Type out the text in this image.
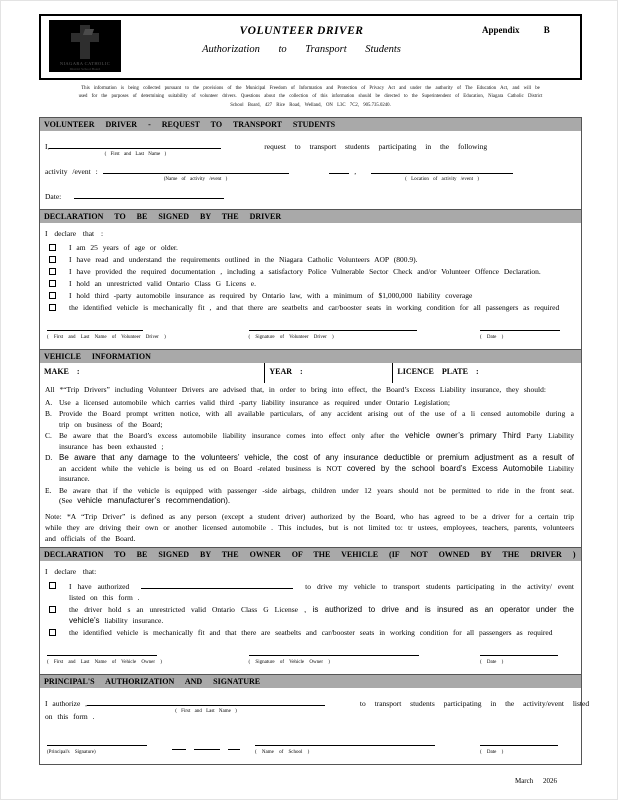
NIAGARA CATHOLIC
District School Board
VOLUNTEER DRIVER
Authorization to Transport Students
Appendix B
This information is being collected pursuant to the provisions of the Municipal Freedom of Information and Protection of Privacy Act and under the authority of The Education Act, and will be used for the purposes of determining suitability of volunteer drivers. Questions about the collection of this information should be directed to the Superintendent of Education, Niagara Catholic District School Board, 427 Rice Road, Welland, ON L3C 7C2, 905.735.0240.
VOLUNTEER DRIVER - REQUEST TO TRANSPORT STUDENTS
I,
( First and Last Name )
request to transport students participating in the following
activity /event :
(Name of activity /event )
,
( Location of activity /event )
Date:
DECLARATION TO BE SIGNED BY THE DRIVER
I declare that :
I am 25 years of age or older.
I have read and understand the requirements outlined in the Niagara Catholic Volunteers AOP (800.9).
I have provided the required documentation , including a satisfactory Police Vulnerable Sector Check and/or Volunteer Offence Declaration.
I hold an unrestricted valid Ontario Class G Licens e.
I hold third -party automobile insurance as required by Ontario law, with a minimum of $1,000,000 liability coverage
the identified vehicle is mechanically fit , and that there are seatbelts and car/booster seats in working condition for all passengers as required
( First and Last Name of Volunteer Driver )	( Signature of Volunteer Driver )	( Date )
VEHICLE INFORMATION
MAKE :	YEAR :	LICENCE PLATE :
All *“Trip Drivers” including Volunteer Drivers are advised that, in order to bring into effect, the Board’s Excess Liability insurance, they should:
A. Use a licensed automobile which carries valid third -party liability insurance as required under Ontario Legislation;
B. Provide the Board prompt written notice, with all available particulars, of any accident arising out of the use of a li censed automobile during a trip on business of the Board;
C. Be aware that the Board’s excess automobile liability insurance comes into effect only after the vehicle owner’s primary Third Party Liability insurance has been exhausted ;
D. Be aware that any damage to the volunteers’ vehicle, the cost of any insurance deductible or premium adjustment as a result of an accident while the vehicle is being us ed on Board -related business is NOT covered by the school board’s Excess Automobile Liability insurance.
E.	Be aware that if the vehicle is equipped with passenger -side airbags, children under 12 years should not be permitted to ride in the front seat. (See vehicle manufacturer’s recommendation).
Note: *A “Trip Driver” is defined as any person (except a student driver) authorized by the Board, who has agreed to be a driver for a certain trip while they are driving their own or another licensed automobile . This includes, but is not limited to: tr ustees, employees, teachers, parents, volunteers and officials of the Board.
DECLARATION TO BE SIGNED BY THE OWNER OF THE VEHICLE (IF NOT OWNED BY THE DRIVER )
I declare that:
I have authorized	to drive my vehicle to transport students participating in the activity/ event listed on this form .
the driver hold s an unrestricted valid Ontario Class G License , is authorized to drive and is insured as an operator under the vehicle’s liability insurance.
the identified vehicle is mechanically fit and that there are seatbelts and car/booster seats in working condition for all passengers as required
( First and Last Name of Vehicle Owner )	( Signature of Vehicle Owner )	( Date )
PRINCIPAL'S AUTHORIZATION AND SIGNATURE
I authorize ,
( First and Last Name )
to transport students participating in the activity/event listed
on this form .
(Principal's Signature)	( Name of School )	( Date )
March 2026
